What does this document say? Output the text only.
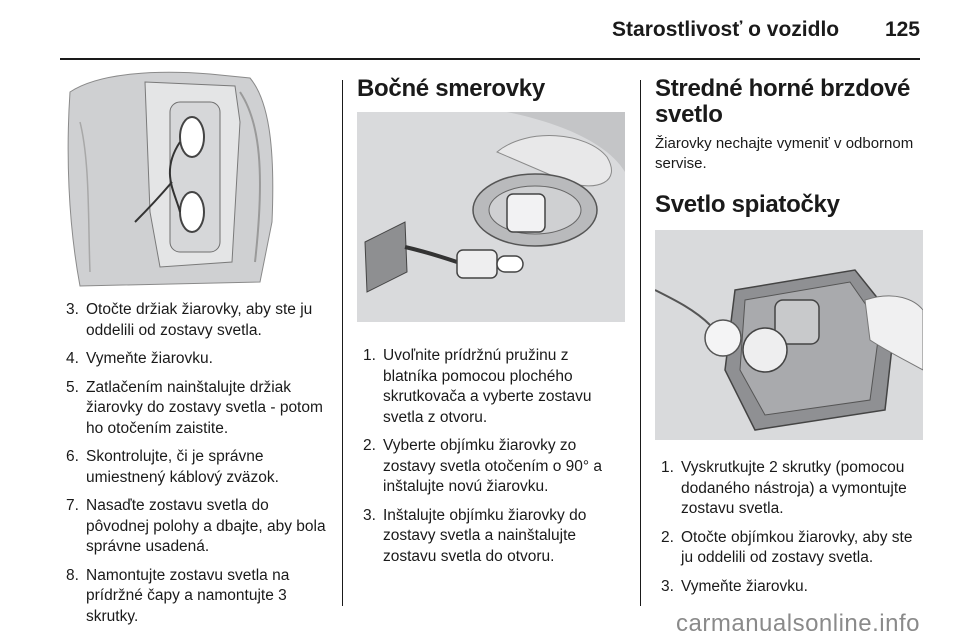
Starostlivosť o vozidlo 125
3. Otočte držiak žiarovky, aby ste ju oddelili od zostavy svetla.
4. Vymeňte žiarovku.
5. Zatlačením nainštalujte držiak žiarovky do zostavy svetla - potom ho otočením zaistite.
6. Skontrolujte, či je správne umiestnený káblový zväzok.
7. Nasaďte zostavu svetla do pôvodnej polohy a dbajte, aby bola správne usadená.
8. Namontujte zostavu svetla na prídržné čapy a namontujte 3 skrutky.
Bočné smerovky
1. Uvoľnite prídržnú pružinu z blatníka pomocou plochého skrutkovača a vyberte zostavu svetla z otvoru.
2. Vyberte objímku žiarovky zo zostavy svetla otočením o 90° a inštalujte novú žiarovku.
3. Inštalujte objímku žiarovky do zostavy svetla a nainštalujte zostavu svetla do otvoru.
Stredné horné brzdové svetlo

Žiarovky nechajte vymeniť v odbornom servise.

Svetlo spiatočky
1. Vyskrutkujte 2 skrutky (pomocou dodaného nástroja) a vymontujte zostavu svetla.
2. Otočte objímkou žiarovky, aby ste ju oddelili od zostavy svetla.
3. Vymeňte žiarovku.
carmanualsonline.info
